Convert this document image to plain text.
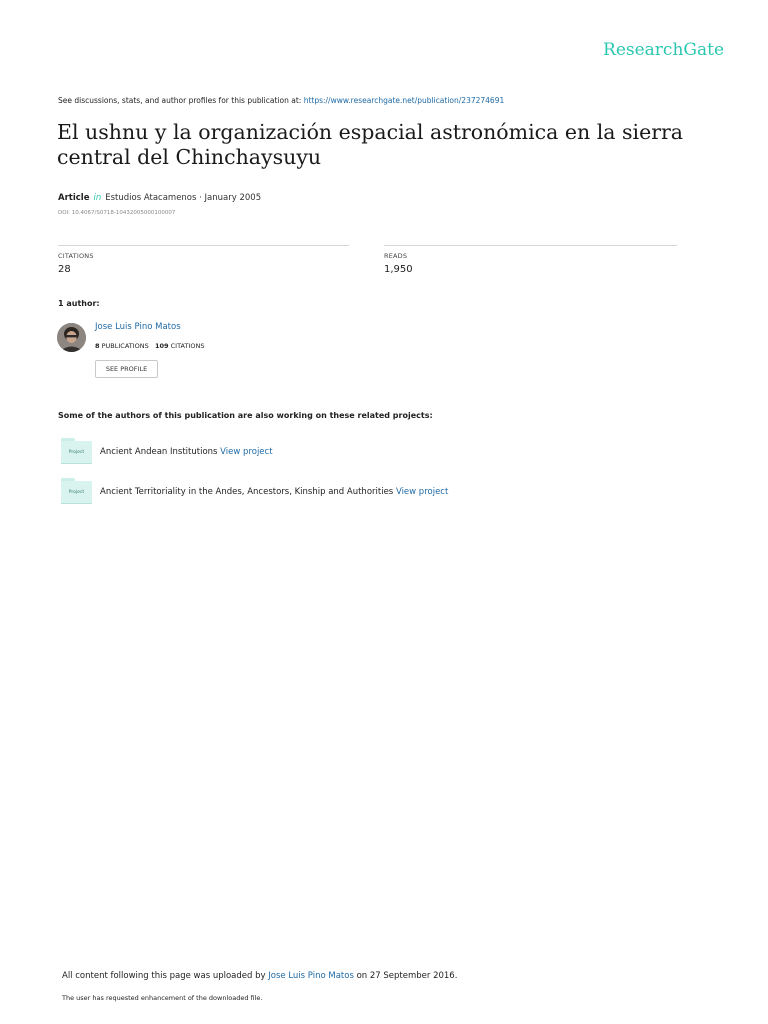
ResearchGate
See discussions, stats, and author profiles for this publication at: https://www.researchgate.net/publication/237274691
El ushnu y la organización espacial astronómica en la sierra central del Chinchaysuyu
Article in Estudios Atacamenos · January 2005
DOI: 10.4067/S0718-10432005000100007
CITATIONS
28
READS
1,950
1 author:
Jose Luis Pino Matos
8 PUBLICATIONS 109 CITATIONS
SEE PROFILE
Some of the authors of this publication are also working on these related projects:
Project	Ancient Andean Institutions View project
Project	Ancient Territoriality in the Andes, Ancestors, Kinship and Authorities View project
All content following this page was uploaded by Jose Luis Pino Matos on 27 September 2016.
The user has requested enhancement of the downloaded file.
